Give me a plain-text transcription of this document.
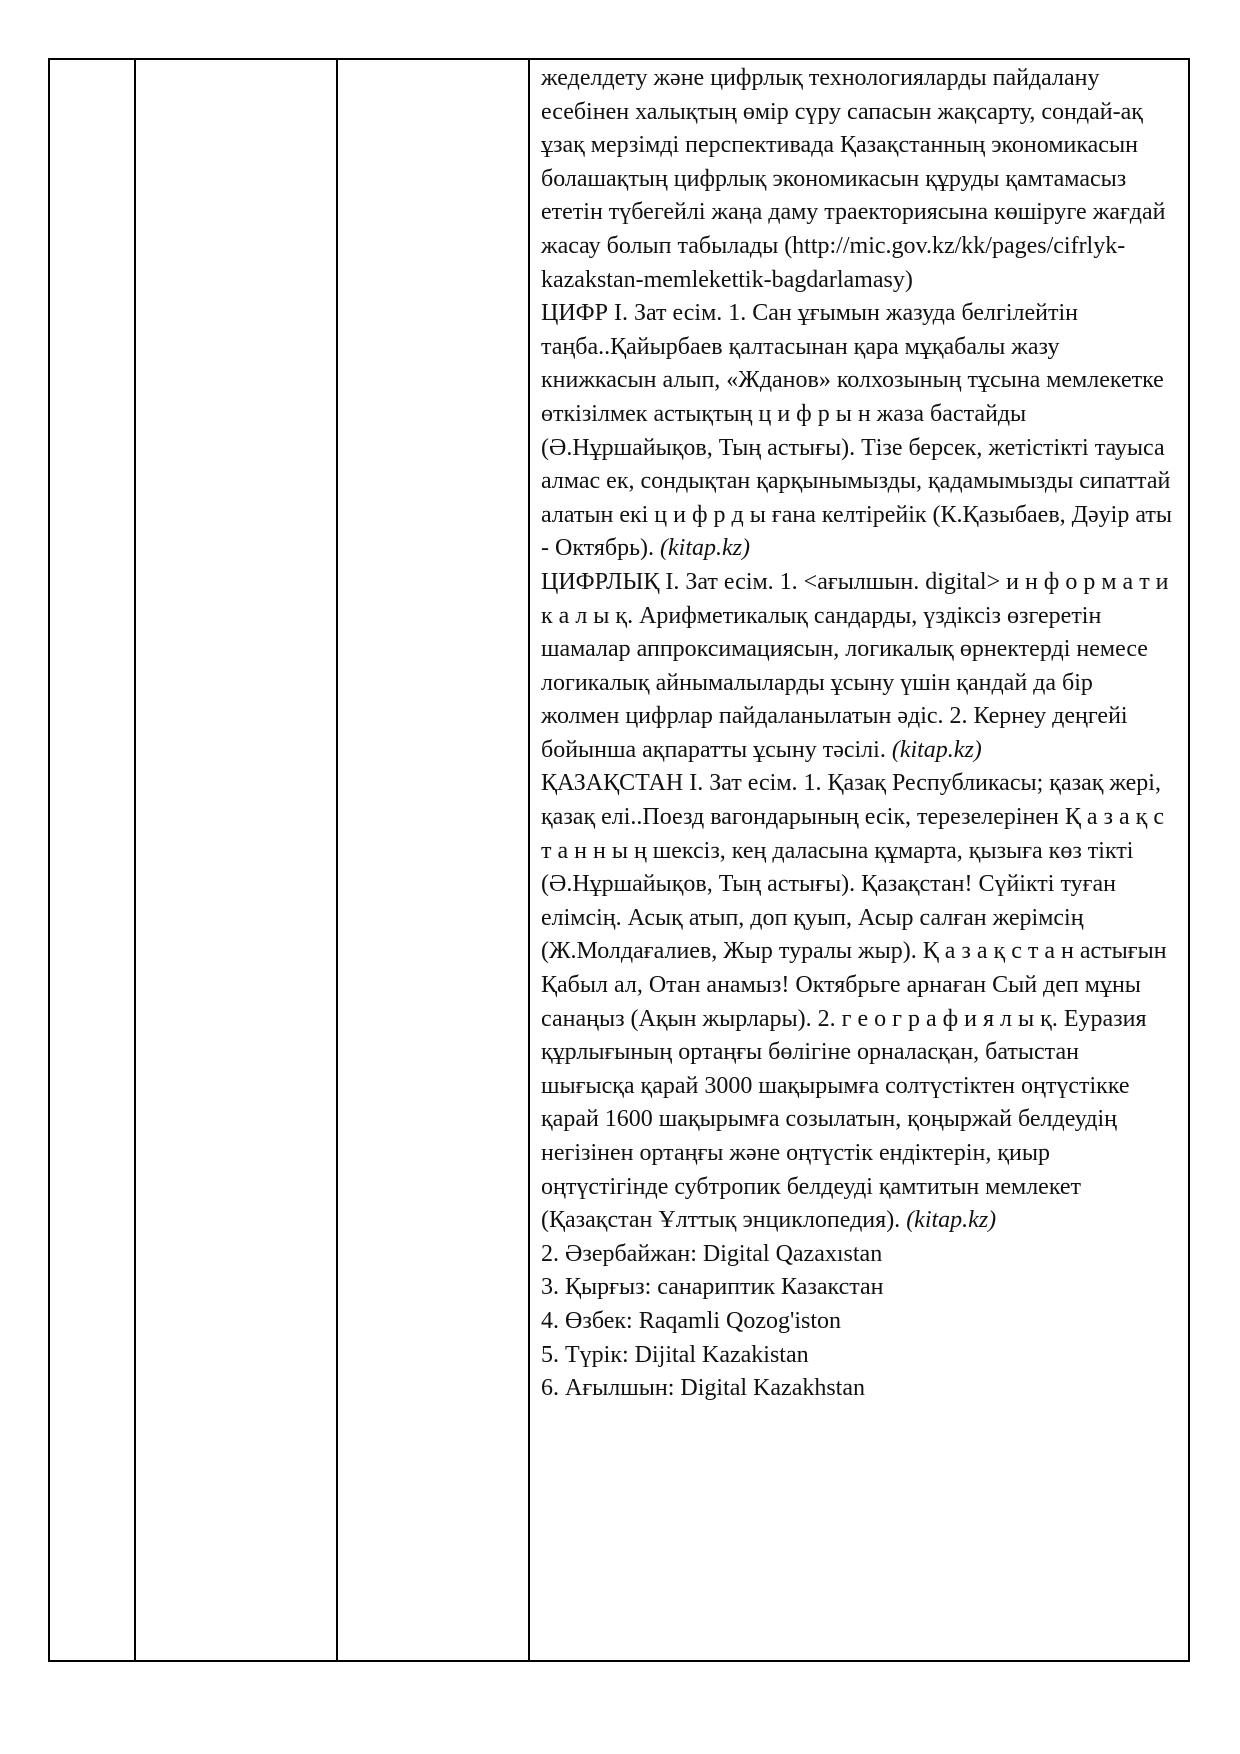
жеделдету және цифрлық технологияларды пайдалану есебінен халықтың өмір сүру сапасын жақсарту, сондай-ақ ұзақ мерзімді перспективада Қазақстанның экономикасын болашақтың цифрлық экономикасын құруды қамтамасыз ететін түбегейлі жаңа даму траекториясына көшіруге жағдай жасау болып табылады (http://mic.gov.kz/kk/pages/cifrlyk-kazakstan-memlekettik-bagdarlamasy)

ЦИФР I. Зат есім. 1. Сан ұғымын жазуда белгілейтін таңба..Қайырбаев қалтасынан қара мұқабалы жазу книжкасын алып, «Жданов» колхозының тұсына мемлекетке өткізілмек астықтың ц и ф р ы н жаза бастайды (Ә.Нұршайықов, Тың астығы). Тізе берсек, жетістікті тауыса алмас ек, сондықтан қарқынымызды, қадамымызды сипаттай алатын екі ц и ф р д ы ғана келтірейік (К.Қазыбаев, Дәуір аты - Октябрь). (kitap.kz)

ЦИФРЛЫҚ I. Зат есім. 1. <ағылшын. digital> и н ф о р м а т и к а л ы қ. Арифметикалық сандарды, үздіксіз өзгеретін шамалар аппроксимациясын, логикалық өрнектерді немесе логикалық айнымалыларды ұсыну үшін қандай да бір жолмен цифрлар пайдаланылатын әдіс. 2. Кернеу деңгейі бойынша ақпаратты ұсыну тәсілі. (kitap.kz)

ҚАЗАҚСТАН I. Зат есім. 1. Қазақ Республикасы; қазақ жері, қазақ елі..Поезд вагондарының есік, терезелерінен Қ а з а қ с т а н н ы ң шексіз, кең даласына құмарта, қызыға көз тікті (Ә.Нұршайықов, Тың астығы). Қазақстан! Сүйікті туған елімсің. Асық атып, доп қуып, Асыр салған жерімсің (Ж.Молдағалиев, Жыр туралы жыр). Қ а з а қ с т а н астығын Қабыл ал, Отан анамыз! Октябрьге арнаған Сый деп мұны санаңыз (Ақын жырлары). 2. г е о г р а ф и я л ы қ. Еуразия құрлығының ортаңғы бөлігіне орналасқан, батыстан шығысқа қарай 3000 шақырымға солтүстіктен оңтүстікке қарай 1600 шақырымға созылатын, қоңыржай белдеудің негізінен ортаңғы және оңтүстік ендіктерін, қиыр оңтүстігінде субтропик белдеуді қамтитын мемлекет (Қазақстан Ұлттық энциклопедия). (kitap.kz)

2. Әзербайжан: Digital Qazaxıstan

3. Қырғыз: санариптик Казакстан

4. Өзбек: Raqamli Qozog'iston

5. Түрік: Dijital Kazakistan

6. Ағылшын: Digital Kazakhstan
